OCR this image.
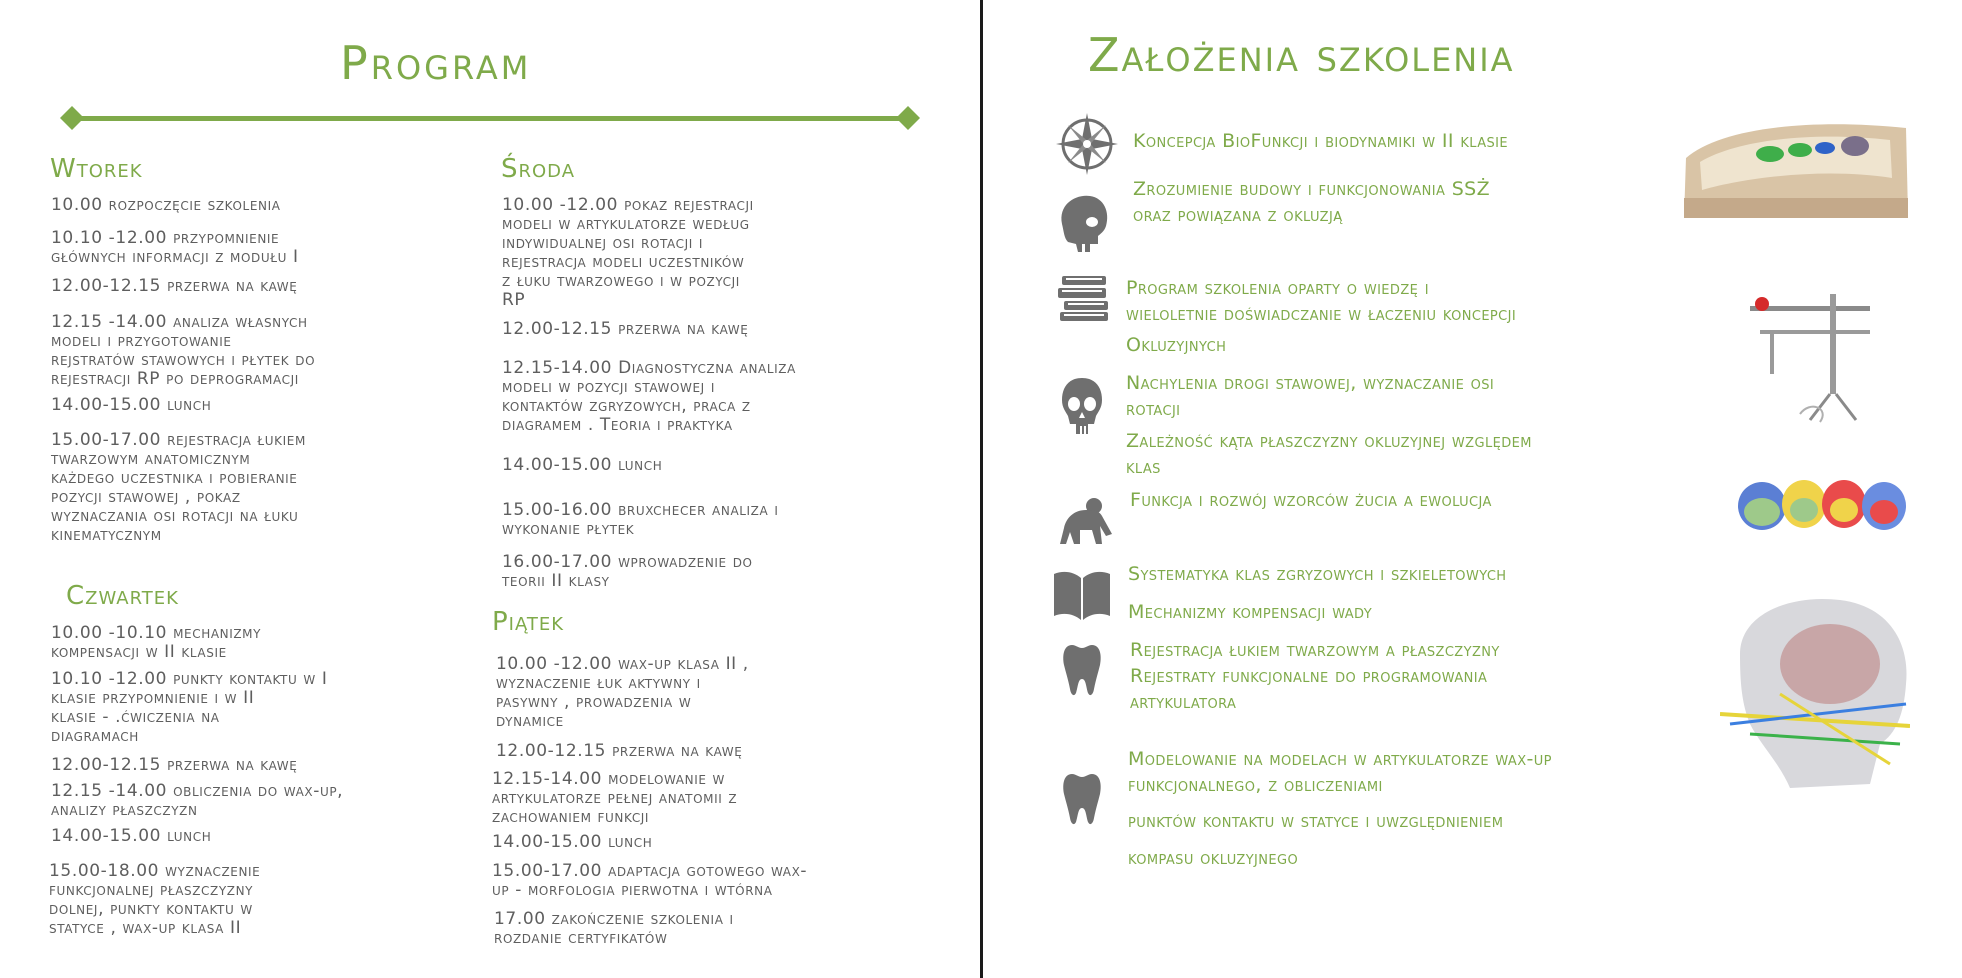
Program
Wtorek
10.00 rozpoczęcie szkolenia
10.10 -12.00 przypomnienie
głównych informacji z modułu I
12.00-12.15 przerwa na kawę
12.15 -14.00 analiza własnych
modeli i przygotowanie
rejstratów stawowych i płytek do
rejestracji RP po deprogramacji
14.00-15.00 lunch
15.00-17.00 rejestracja łukiem
twarzowym anatomicznym
każdego uczestnika i pobieranie
pozycji stawowej , pokaz
wyznaczania osi rotacji na łuku
kinematycznym
Środa
10.00 -12.00 pokaz rejestracji
modeli w artykulatorze według
indywidualnej osi rotacji i
rejestracja modeli uczestników
z łuku twarzowego i w pozycji
RP
12.00-12.15 przerwa na kawę
12.15-14.00 Diagnostyczna analiza
modeli w pozycji stawowej i
kontaktów zgryzowych, praca z
diagramem . Teoria i praktyka
14.00-15.00 lunch
15.00-16.00 bruxchecer analiza i
wykonanie płytek
16.00-17.00 wprowadzenie do
teorii II klasy
Czwartek
10.00 -10.10 mechanizmy
kompensacji w II klasie
10.10 -12.00 punkty kontaktu w I
klasie przypomnienie i w II
klasie - .ćwiczenia na
diagramach
12.00-12.15 przerwa na kawę
12.15 -14.00 obliczenia do wax-up,
analizy płaszczyzn
14.00-15.00 lunch
15.00-18.00 wyznaczenie
funkcjonalnej płaszczyzny
dolnej, punkty kontaktu w
statyce , wax-up klasa II
Piątek
10.00 -12.00 wax-up klasa II ,
wyznaczenie łuk aktywny i
pasywny , prowadzenia w
dynamice
12.00-12.15 przerwa na kawę
12.15-14.00 modelowanie w
artykulatorze pełnej anatomii z
zachowaniem funkcji
14.00-15.00 lunch
15.00-17.00 adaptacja gotowego wax-
up - morfologia pierwotna i wtórna
17.00 zakończenie szkolenia i
rozdanie certyfikatów
Założenia szkolenia
Koncepcja BioFunkcji i biodynamiki w II klasie
Zrozumienie budowy i funkcjonowania SSŻ
oraz powiązana z okluzją
Program szkolenia oparty o wiedzę i
wieloletnie doświadczanie w łaczeniu koncepcji
Okluzyjnych
Nachylenia drogi stawowej, wyznaczanie osi
rotacji
Zależność kąta płaszczyzny okluzyjnej względem
klas
Funkcja i rozwój wzorców żucia a ewolucja
Systematyka klas zgryzowych i szkieletowych
Mechanizmy kompensacji wady
Rejestracja łukiem twarzowym a płaszczyzny
Rejestraty funkcjonalne do programowania
artykulatora
Modelowanie na modelach w artykulatorze wax-up
funkcjonalnego, z obliczeniami
punktów kontaktu w statyce i uwzględnieniem
kompasu okluzyjnego
